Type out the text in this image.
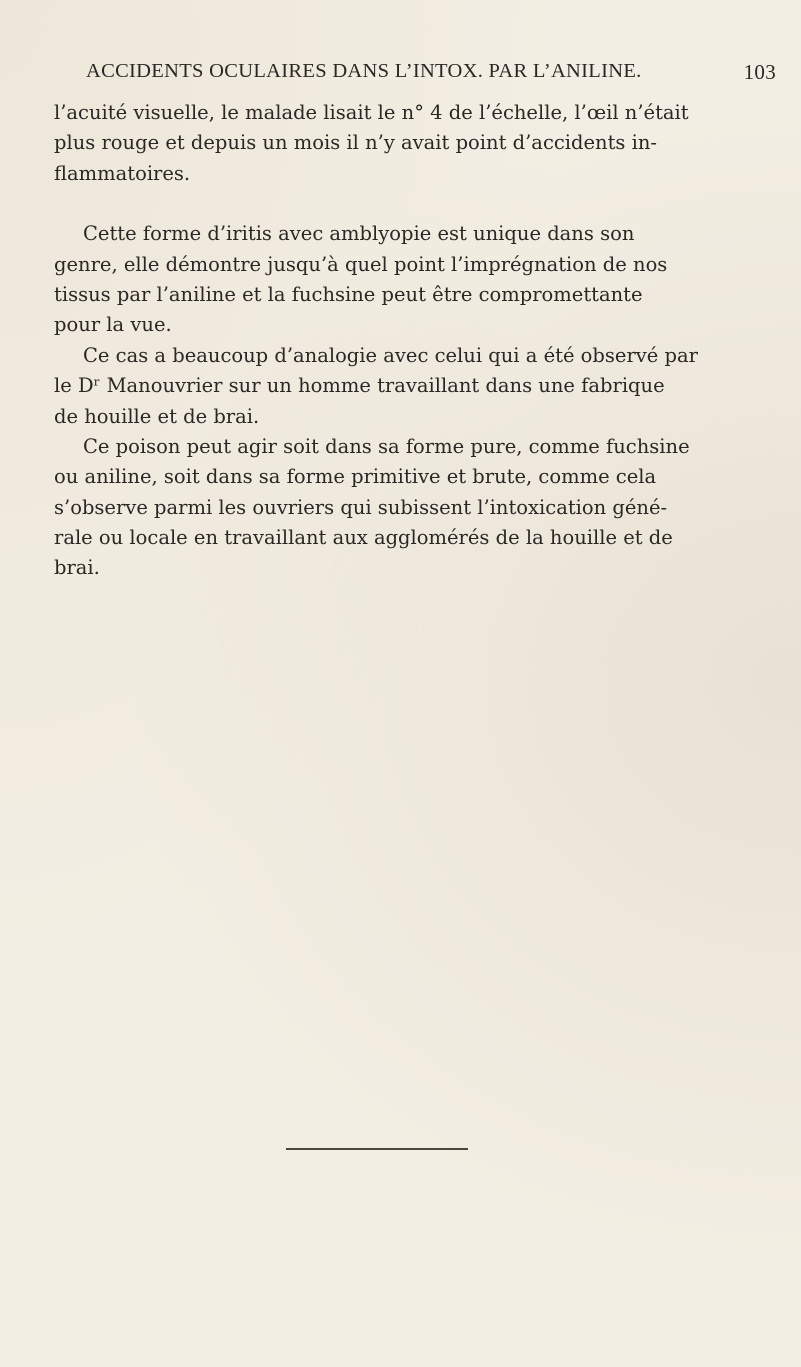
ACCIDENTS OCULAIRES DANS L’INTOX. PAR L’ANILINE.	103
l’acuité visuelle, le malade lisait le n° 4 de l’échelle, l’œil n’était
plus rouge et depuis un mois il n’y avait point d’accidents in-
flammatoires.
Cette forme d’iritis avec amblyopie est unique dans son
genre, elle démontre jusqu’à quel point l’imprégnation de nos
tissus par l’aniline et la fuchsine peut être compromettante
pour la vue.
Ce cas a beaucoup d’analogie avec celui qui a été observé par
le Dʳ Manouvrier sur un homme travaillant dans une fabrique
de houille et de brai.
Ce poison peut agir soit dans sa forme pure, comme fuchsine
ou aniline, soit dans sa forme primitive et brute, comme cela
s’observe parmi les ouvriers qui subissent l’intoxication géné-
rale ou locale en travaillant aux agglomérés de la houille et de
brai.
